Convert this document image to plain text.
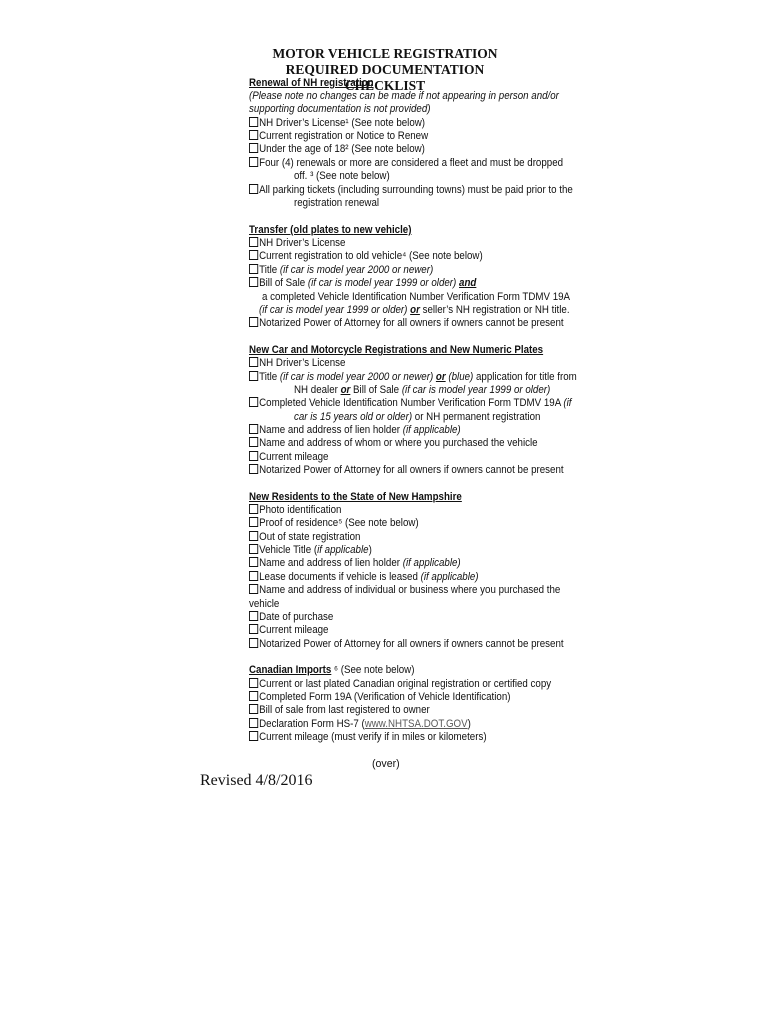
MOTOR VEHICLE REGISTRATION
REQUIRED DOCUMENTATION CHECKLIST
Renewal of NH registration
(Please note no changes can be made if not appearing in person and/or
supporting documentation is not provided)
NH Driver’s License¹ (See note below)
Current registration or Notice to Renew
Under the age of 18² (See note below)
Four (4) renewals or more are considered a fleet and must be dropped
off. ³ (See note below)
All parking tickets (including surrounding towns) must be paid prior to the
registration renewal
Transfer (old plates to new vehicle)
NH Driver’s License
Current registration to old vehicle⁴ (See note below)
Title (if car is model year 2000 or newer)
Bill of Sale (if car is model year 1999 or older) and
a completed Vehicle Identification Number Verification Form TDMV 19A
(if car is model year 1999 or older) or seller’s NH registration or NH title.
Notarized Power of Attorney for all owners if owners cannot be present
New Car and Motorcycle Registrations and New Numeric Plates
NH Driver’s License
Title (if car is model year 2000 or newer) or (blue) application for title from
NH dealer or Bill of Sale (if car is model year 1999 or older)
Completed Vehicle Identification Number Verification Form TDMV 19A (if
car is 15 years old or older) or NH permanent registration
Name and address of lien holder (if applicable)
Name and address of whom or where you purchased the vehicle
Current mileage
Notarized Power of Attorney for all owners if owners cannot be present
New Residents to the State of New Hampshire
Photo identification
Proof of residence⁵ (See note below)
Out of state registration
Vehicle Title (if applicable)
Name and address of lien holder (if applicable)
Lease documents if vehicle is leased (if applicable)
Name and address of individual or business where you purchased the
vehicle
Date of purchase
Current mileage
Notarized Power of Attorney for all owners if owners cannot be present
Canadian Imports ⁶ (See note below)
Current or last plated Canadian original registration or certified copy
Completed Form 19A (Verification of Vehicle Identification)
Bill of sale from last registered to owner
Declaration Form HS-7 (www.NHTSA.DOT.GOV)
Current mileage (must verify if in miles or kilometers)
(over)
Revised 4/8/2016
